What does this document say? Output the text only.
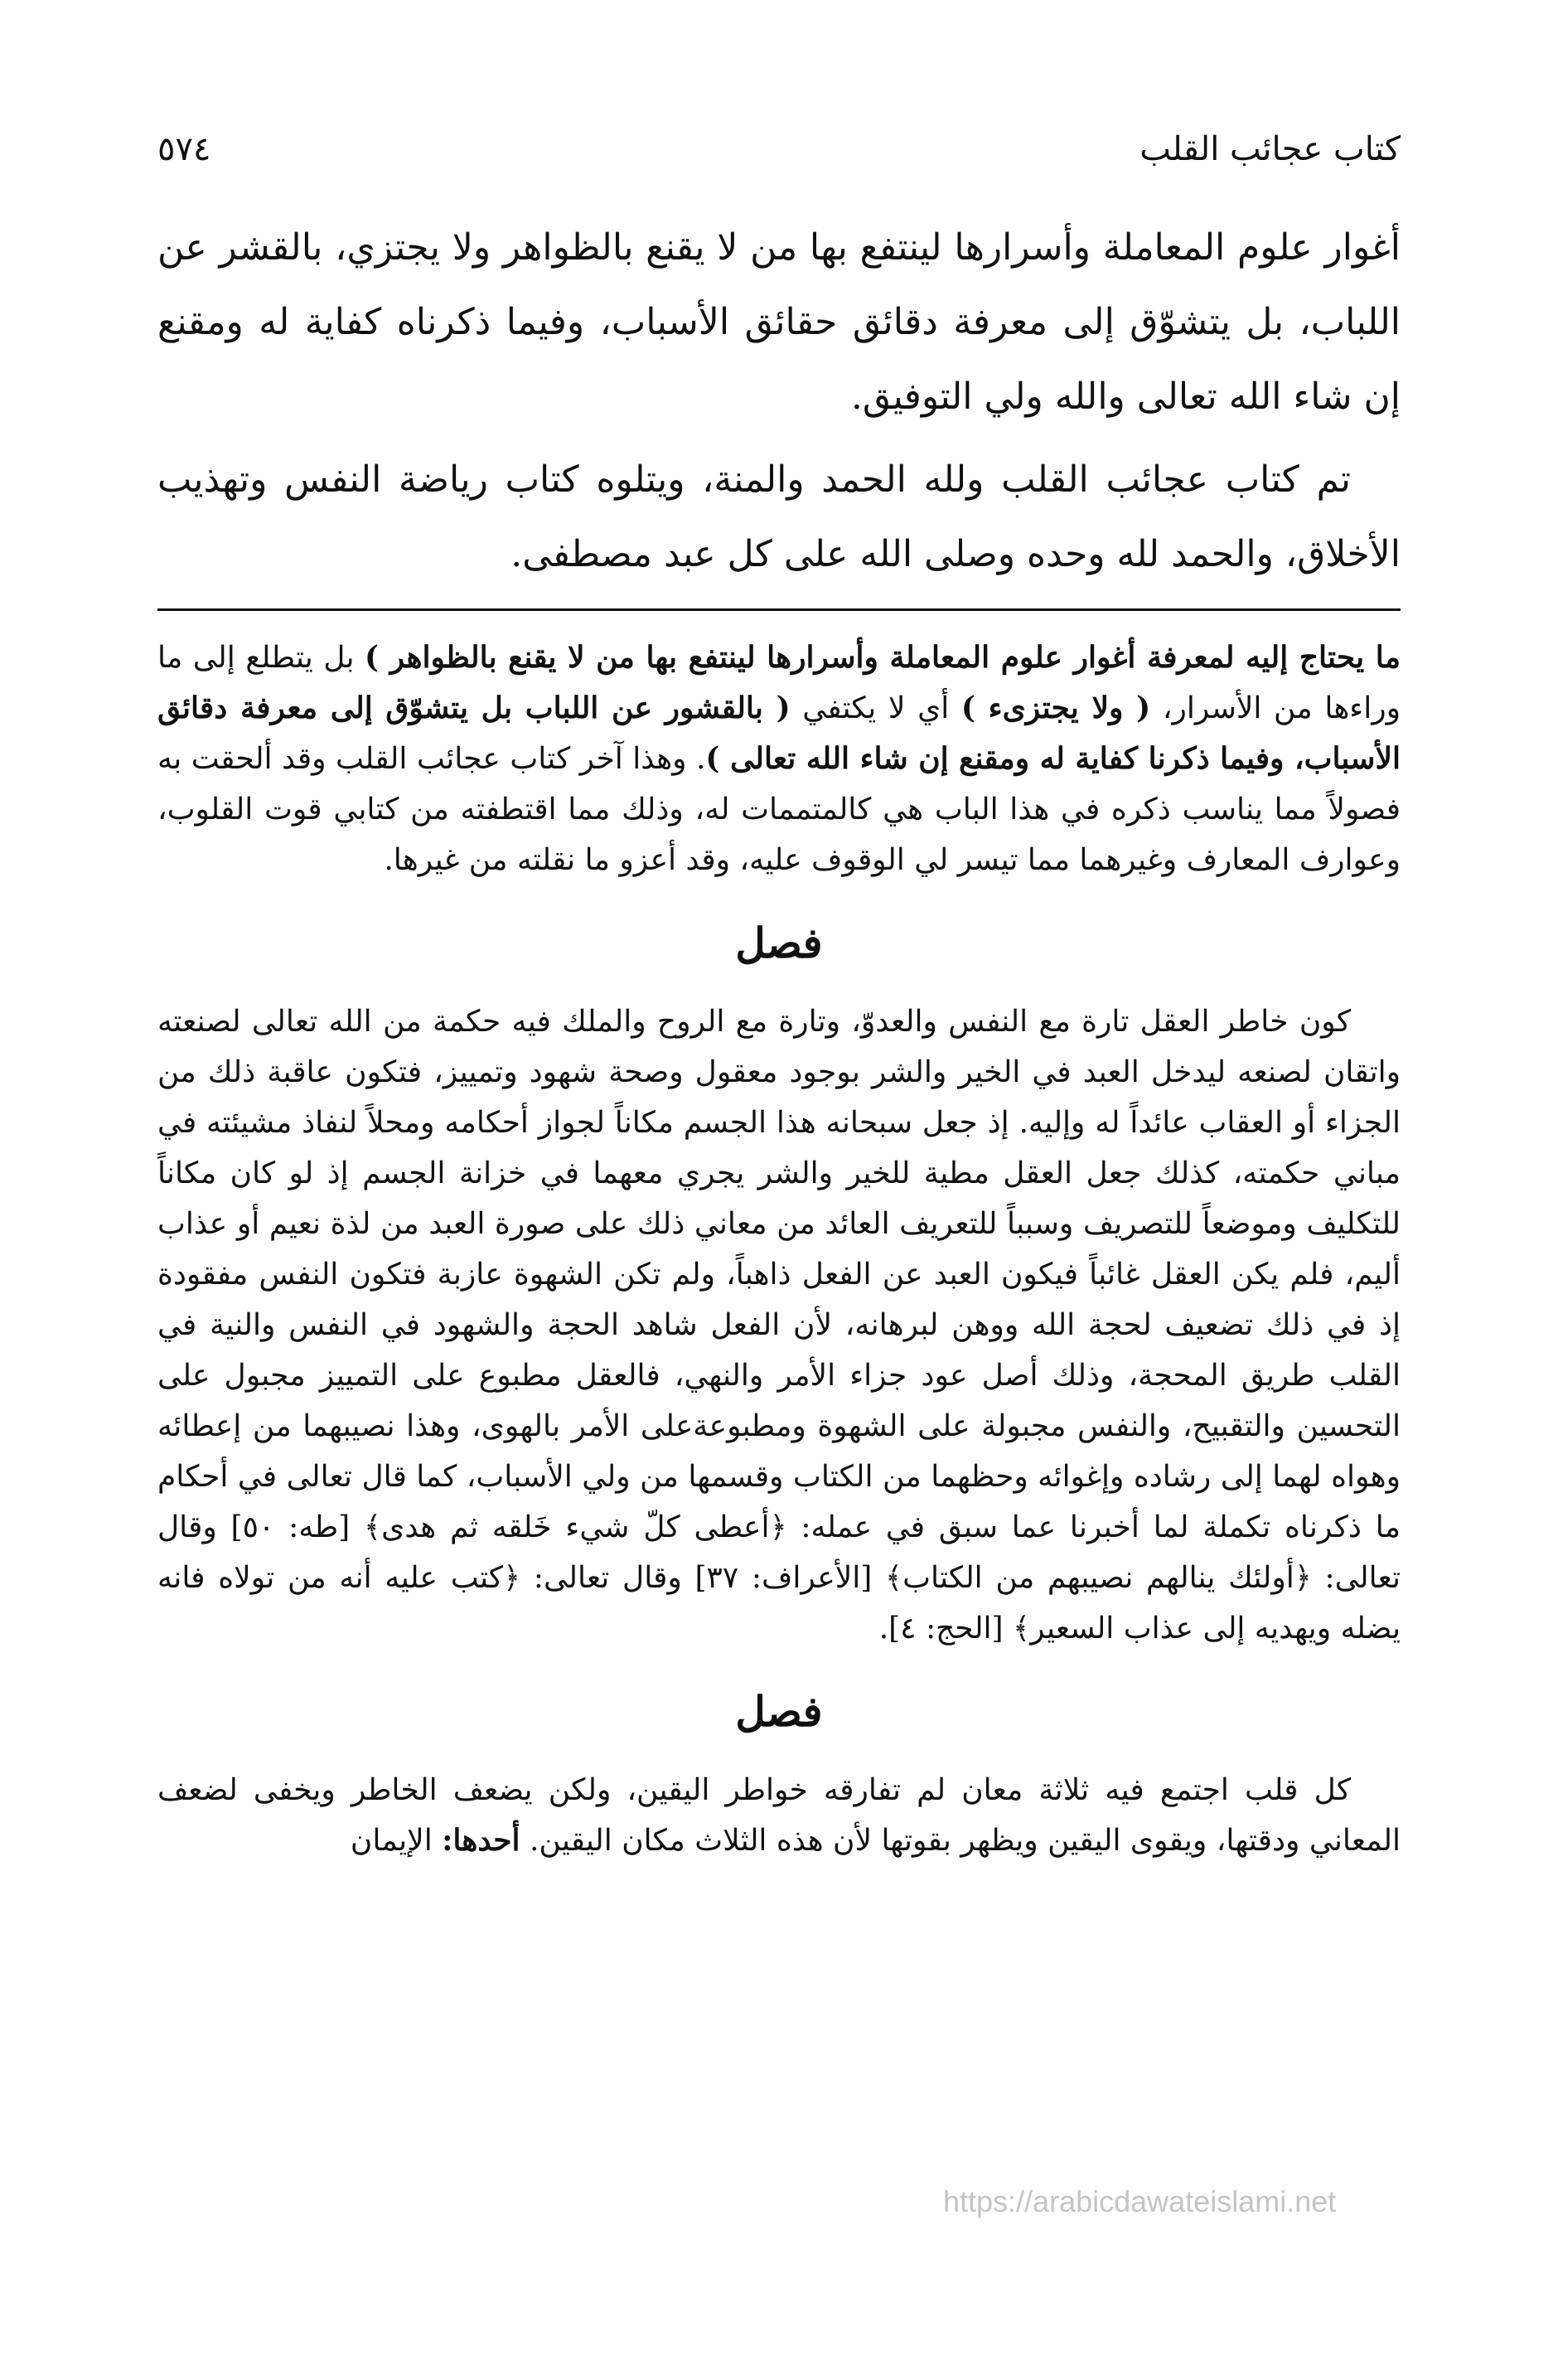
كتاب عجائب القلب
٥٧٤

أغوار علوم المعاملة وأسرارها لينتفع بها من لا يقنع بالظواهر ولا يجتزي، بالقشر عن اللباب، بل يتشوّق إلى معرفة دقائق حقائق الأسباب، وفيما ذكرناه كفاية له ومقنع إن شاء الله تعالى والله ولي التوفيق.

تم كتاب عجائب القلب ولله الحمد والمنة، ويتلوه كتاب رياضة النفس وتهذيب الأخلاق، والحمد لله وحده وصلى الله على كل عبد مصطفى.

ما يحتاج إليه لمعرفة أغوار علوم المعاملة وأسرارها لينتفع بها من لا يقنع بالظواهر ) بل يتطلع إلى ما وراءها من الأسرار، ( ولا يجتزىء ) أي لا يكتفي ( بالقشور عن اللباب بل يتشوّق إلى معرفة دقائق الأسباب، وفيما ذكرنا كفاية له ومقنع إن شاء الله تعالى ). وهذا آخر كتاب عجائب القلب وقد ألحقت به فصولاً مما يناسب ذكره في هذا الباب هي كالمتممات له، وذلك مما اقتطفته من كتابي قوت القلوب، وعوارف المعارف وغيرهما مما تيسر لي الوقوف عليه، وقد أعزو ما نقلته من غيرها.

فصل

كون خاطر العقل تارة مع النفس والعدوّ، وتارة مع الروح والملك فيه حكمة من الله تعالى لصنعته واتقان لصنعه ليدخل العبد في الخير والشر بوجود معقول وصحة شهود وتمييز، فتكون عاقبة ذلك من الجزاء أو العقاب عائداً له وإليه. إذ جعل سبحانه هذا الجسم مكاناً لجواز أحكامه ومحلاً لنفاذ مشيئته في مباني حكمته، كذلك جعل العقل مطية للخير والشر يجري معهما في خزانة الجسم إذ لو كان مكاناً للتكليف وموضعاً للتصريف وسبباً للتعريف العائد من معاني ذلك على صورة العبد من لذة نعيم أو عذاب أليم، فلم يكن العقل غائباً فيكون العبد عن الفعل ذاهباً، ولم تكن الشهوة عازبة فتكون النفس مفقودة إذ في ذلك تضعيف لحجة الله ووهن لبرهانه، لأن الفعل شاهد الحجة والشهود في النفس والنية في القلب طريق المحجة، وذلك أصل عود جزاء الأمر والنهي، فالعقل مطبوع على التمييز مجبول على التحسين والتقبيح، والنفس مجبولة على الشهوة ومطبوعةعلى الأمر بالهوى، وهذا نصيبهما من إعطائه وهواه لهما إلى رشاده وإغوائه وحظهما من الكتاب وقسمها من ولي الأسباب، كما قال تعالى في أحكام ما ذكرناه تكملة لما أخبرنا عما سبق في عمله: ﴿أعطى كلّ شيء خَلقه ثم هدى﴾ [طه: ٥٠] وقال تعالى: ﴿أولئك ينالهم نصيبهم من الكتاب﴾ [الأعراف: ٣٧] وقال تعالى: ﴿كتب عليه أنه من تولاه فانه يضله ويهديه إلى عذاب السعير﴾ [الحج: ٤].

فصل

كل قلب اجتمع فيه ثلاثة معان لم تفارقه خواطر اليقين، ولكن يضعف الخاطر ويخفى لضعف المعاني ودقتها، ويقوى اليقين ويظهر بقوتها لأن هذه الثلاث مكان اليقين. أحدها: الإيمان

https://arabicdawateislami.net
